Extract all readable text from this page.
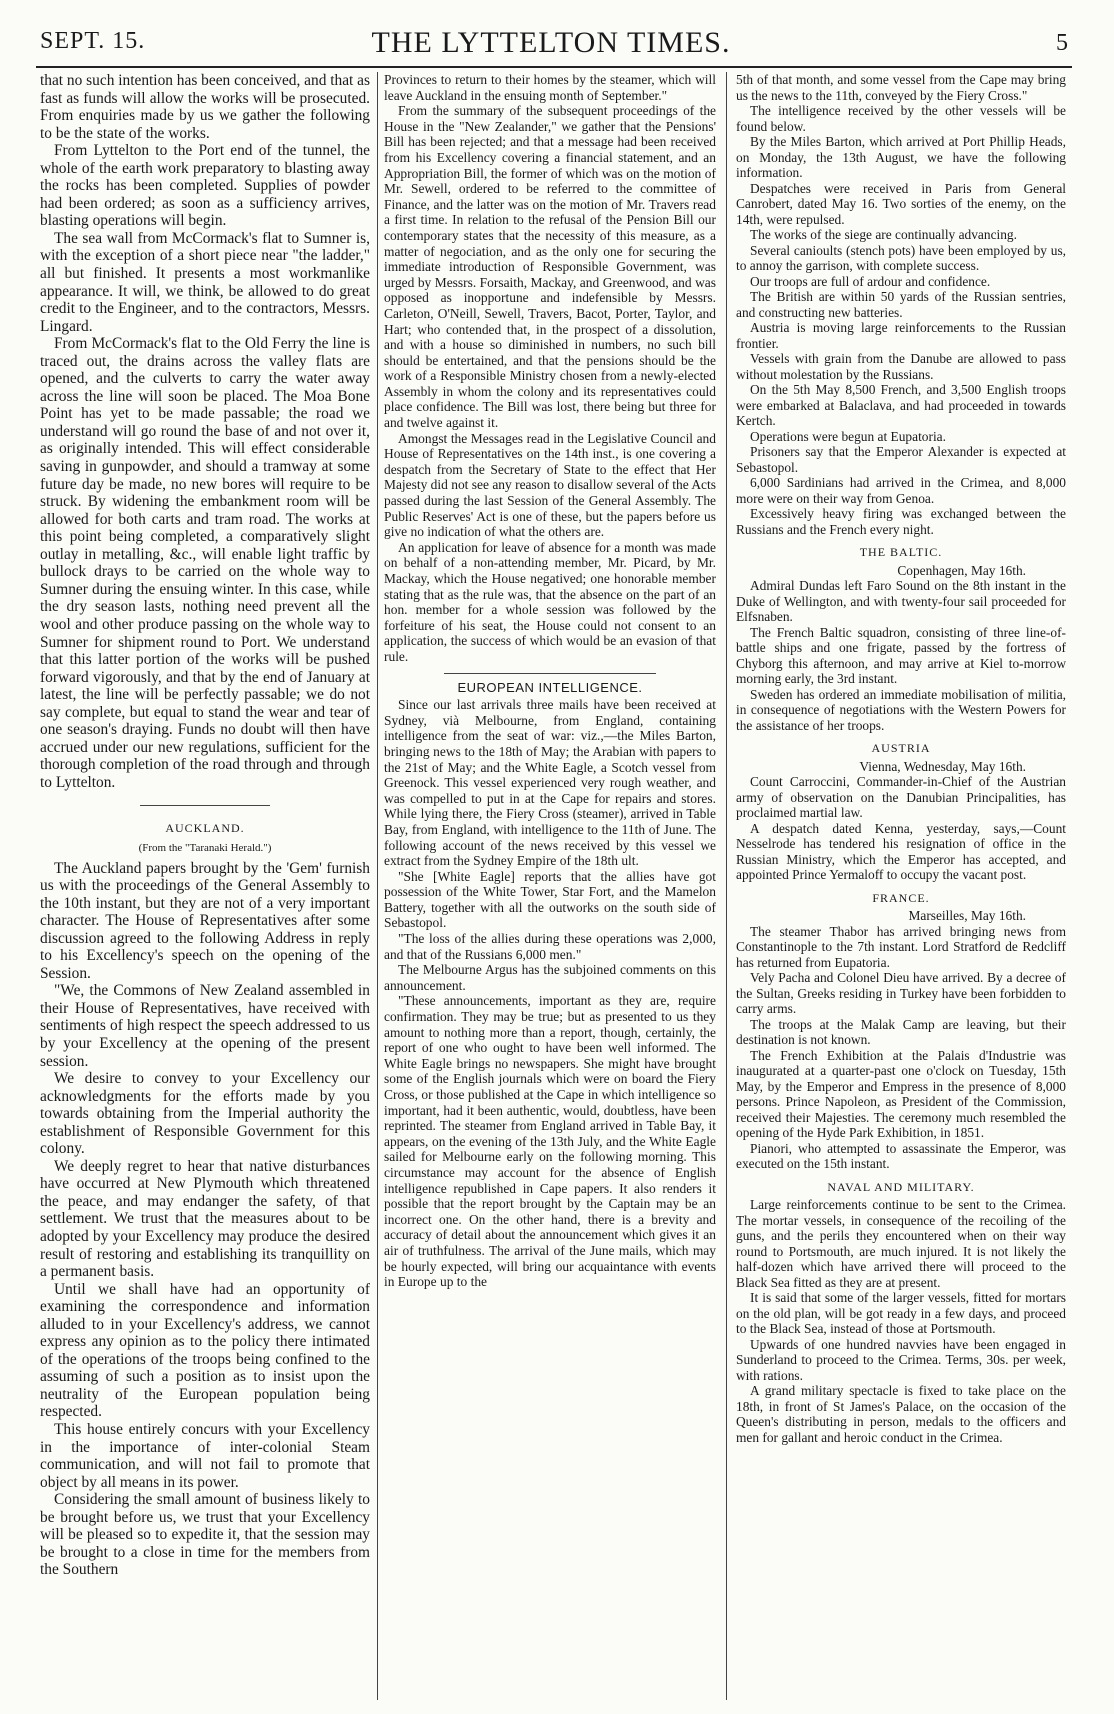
SEPT. 15.	THE LYTTELTON TIMES.	5

that no such intention has been conceived, and that as fast as funds will allow the works will be prosecuted. From enquiries made by us we gather the following to be the state of the works.

From Lyttelton to the Port end of the tunnel, the whole of the earth work preparatory to blasting away the rocks has been completed. Supplies of powder had been ordered; as soon as a sufficiency arrives, blasting operations will begin.

The sea wall from McCormack's flat to Sumner is, with the exception of a short piece near "the ladder," all but finished. It presents a most workmanlike appearance. It will, we think, be allowed to do great credit to the Engineer, and to the contractors, Messrs. Lingard.

From McCormack's flat to the Old Ferry the line is traced out, the drains across the valley flats are opened, and the culverts to carry the water away across the line will soon be placed. The Moa Bone Point has yet to be made passable; the road we understand will go round the base of and not over it, as originally intended. This will effect considerable saving in gunpowder, and should a tramway at some future day be made, no new bores will require to be struck. By widening the embankment room will be allowed for both carts and tram road. The works at this point being completed, a comparatively slight outlay in metalling, &c., will enable light traffic by bullock drays to be carried on the whole way to Sumner during the ensuing winter. In this case, while the dry season lasts, nothing need prevent all the wool and other produce passing on the whole way to Sumner for shipment round to Port. We understand that this latter portion of the works will be pushed forward vigorously, and that by the end of January at latest, the line will be perfectly passable; we do not say complete, but equal to stand the wear and tear of one season's draying. Funds no doubt will then have accrued under our new regulations, sufficient for the thorough completion of the road through and through to Lyttelton.

AUCKLAND.
(From the "Taranaki Herald.")

The Auckland papers brought by the 'Gem' furnish us with the proceedings of the General Assembly to the 10th instant, but they are not of a very important character. The House of Representatives after some discussion agreed to the following Address in reply to his Excellency's speech on the opening of the Session.

"We, the Commons of New Zealand assembled in their House of Representatives, have received with sentiments of high respect the speech addressed to us by your Excellency at the opening of the present session.

We desire to convey to your Excellency our acknowledgments for the efforts made by you towards obtaining from the Imperial authority the establishment of Responsible Government for this colony.

We deeply regret to hear that native disturbances have occurred at New Plymouth which threatened the peace, and may endanger the safety, of that settlement. We trust that the measures about to be adopted by your Excellency may produce the desired result of restoring and establishing its tranquillity on a permanent basis.

Until we shall have had an opportunity of examining the correspondence and information alluded to in your Excellency's address, we cannot express any opinion as to the policy there intimated of the operations of the troops being confined to the assuming of such a position as to insist upon the neutrality of the European population being respected.

This house entirely concurs with your Excellency in the importance of inter-colonial Steam communication, and will not fail to promote that object by all means in its power.

Considering the small amount of business likely to be brought before us, we trust that your Excellency will be pleased so to expedite it, that the session may be brought to a close in time for the members from the Southern

Provinces to return to their homes by the steamer, which will leave Auckland in the ensuing month of September."

From the summary of the subsequent proceedings of the House in the "New Zealander," we gather that the Pensions' Bill has been rejected; and that a message had been received from his Excellency covering a financial statement, and an Appropriation Bill, the former of which was on the motion of Mr. Sewell, ordered to be referred to the committee of Finance, and the latter was on the motion of Mr. Travers read a first time. In relation to the refusal of the Pension Bill our contemporary states that the necessity of this measure, as a matter of negociation, and as the only one for securing the immediate introduction of Responsible Government, was urged by Messrs. Forsaith, Mackay, and Greenwood, and was opposed as inopportune and indefensible by Messrs. Carleton, O'Neill, Sewell, Travers, Bacot, Porter, Taylor, and Hart; who contended that, in the prospect of a dissolution, and with a house so diminished in numbers, no such bill should be entertained, and that the pensions should be the work of a Responsible Ministry chosen from a newly-elected Assembly in whom the colony and its representatives could place confidence. The Bill was lost, there being but three for and twelve against it.

Amongst the Messages read in the Legislative Council and House of Representatives on the 14th inst., is one covering a despatch from the Secretary of State to the effect that Her Majesty did not see any reason to disallow several of the Acts passed during the last Session of the General Assembly. The Public Reserves' Act is one of these, but the papers before us give no indication of what the others are.

An application for leave of absence for a month was made on behalf of a non-attending member, Mr. Picard, by Mr. Mackay, which the House negatived; one honorable member stating that as the rule was, that the absence on the part of an hon. member for a whole session was followed by the forfeiture of his seat, the House could not consent to an application, the success of which would be an evasion of that rule.

EUROPEAN INTELLIGENCE.

Since our last arrivals three mails have been received at Sydney, vià Melbourne, from England, containing intelligence from the seat of war: viz.,—the Miles Barton, bringing news to the 18th of May; the Arabian with papers to the 21st of May; and the White Eagle, a Scotch vessel from Greenock. This vessel experienced very rough weather, and was compelled to put in at the Cape for repairs and stores. While lying there, the Fiery Cross (steamer), arrived in Table Bay, from England, with intelligence to the 11th of June. The following account of the news received by this vessel we extract from the Sydney Empire of the 18th ult.

"She [White Eagle] reports that the allies have got possession of the White Tower, Star Fort, and the Mamelon Battery, together with all the outworks on the south side of Sebastopol.

"The loss of the allies during these operations was 2,000, and that of the Russians 6,000 men."

The Melbourne Argus has the subjoined comments on this announcement.

"These announcements, important as they are, require confirmation. They may be true; but as presented to us they amount to nothing more than a report, though, certainly, the report of one who ought to have been well informed. The White Eagle brings no newspapers. She might have brought some of the English journals which were on board the Fiery Cross, or those published at the Cape in which intelligence so important, had it been authentic, would, doubtless, have been reprinted. The steamer from England arrived in Table Bay, it appears, on the evening of the 13th July, and the White Eagle sailed for Melbourne early on the following morning. This circumstance may account for the absence of English intelligence republished in Cape papers. It also renders it possible that the report brought by the Captain may be an incorrect one. On the other hand, there is a brevity and accuracy of detail about the announcement which gives it an air of truthfulness. The arrival of the June mails, which may be hourly expected, will bring our acquaintance with events in Europe up to the

5th of that month, and some vessel from the Cape may bring us the news to the 11th, conveyed by the Fiery Cross."

The intelligence received by the other vessels will be found below.

By the Miles Barton, which arrived at Port Phillip Heads, on Monday, the 13th August, we have the following information.

Despatches were received in Paris from General Canrobert, dated May 16. Two sorties of the enemy, on the 14th, were repulsed.

The works of the siege are continually advancing.

Several canioults (stench pots) have been employed by us, to annoy the garrison, with complete success.

Our troops are full of ardour and confidence.

The British are within 50 yards of the Russian sentries, and constructing new batteries.

Austria is moving large reinforcements to the Russian frontier.

Vessels with grain from the Danube are allowed to pass without molestation by the Russians.

On the 5th May 8,500 French, and 3,500 English troops were embarked at Balaclava, and had proceeded in towards Kertch.

Operations were begun at Eupatoria.

Prisoners say that the Emperor Alexander is expected at Sebastopol.

6,000 Sardinians had arrived in the Crimea, and 8,000 more were on their way from Genoa.

Excessively heavy firing was exchanged between the Russians and the French every night.

THE BALTIC.

Copenhagen, May 16th.

Admiral Dundas left Faro Sound on the 8th instant in the Duke of Wellington, and with twenty-four sail proceeded for Elfsnaben.

The French Baltic squadron, consisting of three line-of-battle ships and one frigate, passed by the fortress of Chyborg this afternoon, and may arrive at Kiel to-morrow morning early, the 3rd instant.

Sweden has ordered an immediate mobilisation of militia, in consequence of negotiations with the Western Powers for the assistance of her troops.

AUSTRIA

Vienna, Wednesday, May 16th.

Count Carroccini, Commander-in-Chief of the Austrian army of observation on the Danubian Principalities, has proclaimed martial law.

A despatch dated Kenna, yesterday, says,—Count Nesselrode has tendered his resignation of office in the Russian Ministry, which the Emperor has accepted, and appointed Prince Yermaloff to occupy the vacant post.

FRANCE.

Marseilles, May 16th.

The steamer Thabor has arrived bringing news from Constantinople to the 7th instant. Lord Stratford de Redcliff has returned from Eupatoria.

Vely Pacha and Colonel Dieu have arrived. By a decree of the Sultan, Greeks residing in Turkey have been forbidden to carry arms.

The troops at the Malak Camp are leaving, but their destination is not known.

The French Exhibition at the Palais d'Industrie was inaugurated at a quarter-past one o'clock on Tuesday, 15th May, by the Emperor and Empress in the presence of 8,000 persons. Prince Napoleon, as President of the Commission, received their Majesties. The ceremony much resembled the opening of the Hyde Park Exhibition, in 1851.

Pianori, who attempted to assassinate the Emperor, was executed on the 15th instant.

NAVAL AND MILITARY.

Large reinforcements continue to be sent to the Crimea. The mortar vessels, in consequence of the recoiling of the guns, and the perils they encountered when on their way round to Portsmouth, are much injured. It is not likely the half-dozen which have arrived there will proceed to the Black Sea fitted as they are at present.

It is said that some of the larger vessels, fitted for mortars on the old plan, will be got ready in a few days, and proceed to the Black Sea, instead of those at Portsmouth.

Upwards of one hundred navvies have been engaged in Sunderland to proceed to the Crimea. Terms, 30s. per week, with rations.

A grand military spectacle is fixed to take place on the 18th, in front of St James's Palace, on the occasion of the Queen's distributing in person, medals to the officers and men for gallant and heroic conduct in the Crimea.
